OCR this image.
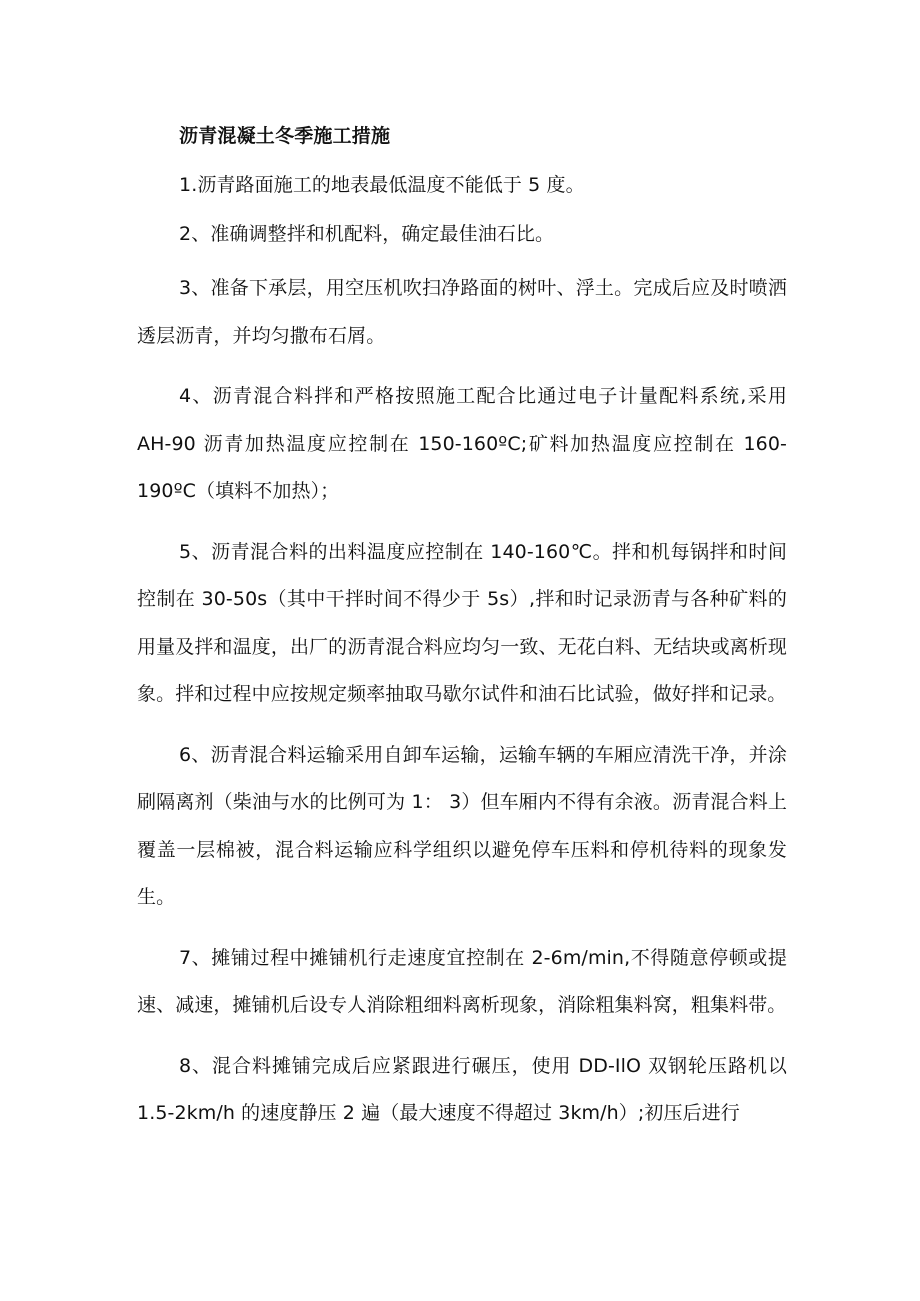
沥青混凝土冬季施工措施

1.沥青路面施工的地表最低温度不能低于 5 度。

2、准确调整拌和机配料，确定最佳油石比。

3、准备下承层，用空压机吹扫净路面的树叶、浮土。完成后应及时喷洒透层沥青，并均匀撒布石屑。

4、沥青混合料拌和严格按照施工配合比通过电子计量配料系统,采用 AH-90 沥青加热温度应控制在 150-160ºC;矿料加热温度应控制在 160-190ºC（填料不加热）；

5、沥青混合料的出料温度应控制在 140-160℃。拌和机每锅拌和时间控制在 30-50s（其中干拌时间不得少于 5s）,拌和时记录沥青与各种矿料的用量及拌和温度，出厂的沥青混合料应均匀一致、无花白料、无结块或离析现象。拌和过程中应按规定频率抽取马歇尔试件和油石比试验，做好拌和记录。

6、沥青混合料运输采用自卸车运输，运输车辆的车厢应清洗干净，并涂刷隔离剂（柴油与水的比例可为 1： 3）但车厢内不得有余液。沥青混合料上覆盖一层棉被，混合料运输应科学组织以避免停车压料和停机待料的现象发生。

7、摊铺过程中摊铺机行走速度宜控制在 2-6m∕min,不得随意停顿或提速、减速，摊铺机后设专人消除粗细料离析现象，消除粗集料窝，粗集料带。

8、混合料摊铺完成后应紧跟进行碾压，使用 DD-IlO 双钢轮压路机以 1.5-2km∕h 的速度静压 2 遍（最大速度不得超过 3km∕h）;初压后进行
